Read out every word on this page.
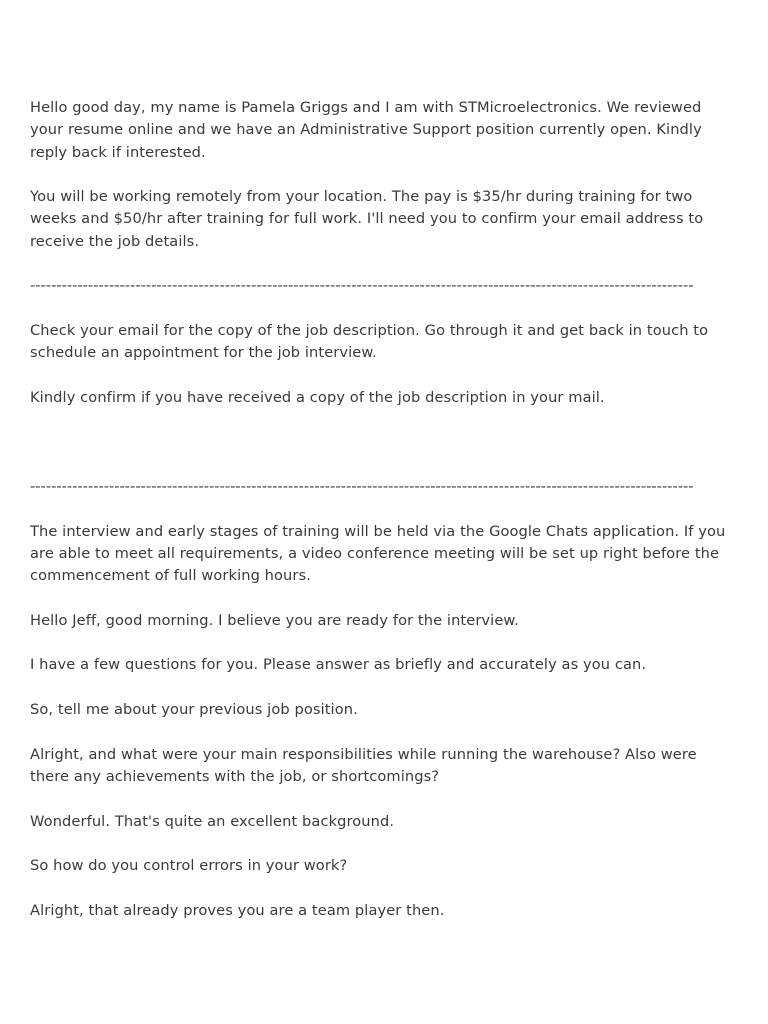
Hello good day, my name is Pamela Griggs and I am with STMicroelectronics. We reviewed your resume online and we have an Administrative Support position currently open. Kindly reply back if interested.

You will be working remotely from your location. The pay is $35/hr during training for two weeks and $50/hr after training for full work. I'll need you to confirm your email address to receive the job details.

------------------------------------------------------------------------------------------------------------------------------

Check your email for the copy of the job description. Go through it and get back in touch to schedule an appointment for the job interview.

Kindly confirm if you have received a copy of the job description in your mail.

------------------------------------------------------------------------------------------------------------------------------

The interview and early stages of training will be held via the Google Chats application. If you are able to meet all requirements, a video conference meeting will be set up right before the commencement of full working hours.

Hello Jeff, good morning. I believe you are ready for the interview.

I have a few questions for you. Please answer as briefly and accurately as you can.

So, tell me about your previous job position.

Alright, and what were your main responsibilities while running the warehouse? Also were there any achievements with the job, or shortcomings?

Wonderful. That's quite an excellent background.

So how do you control errors in your work?

Alright, that already proves you are a team player then.
